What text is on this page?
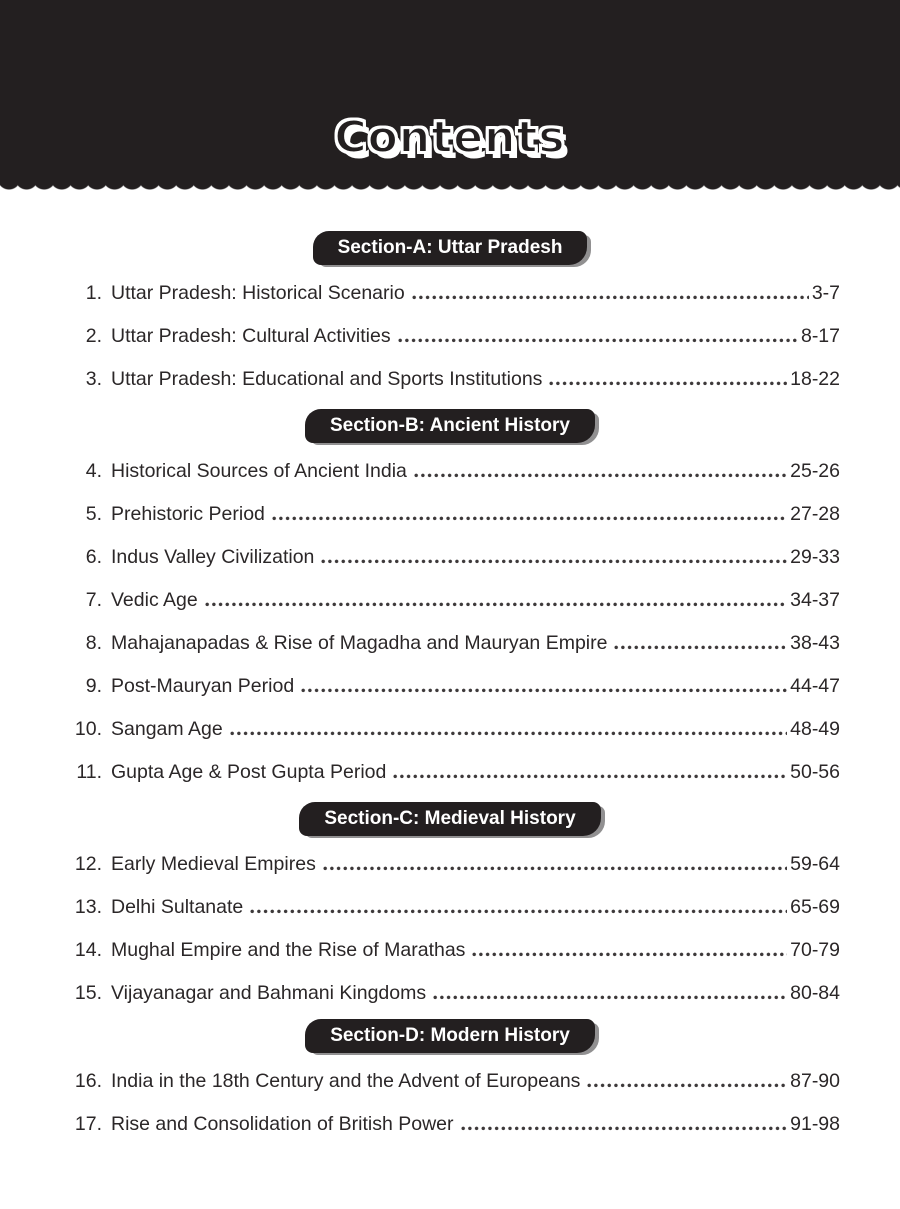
Contents
Section-A: Uttar Pradesh
1. Uttar Pradesh: Historical Scenario	3-7
2. Uttar Pradesh: Cultural Activities	8-17
3. Uttar Pradesh: Educational and Sports Institutions	18-22
Section-B: Ancient History
4. Historical Sources of Ancient India	25-26
5. Prehistoric Period	27-28
6. Indus Valley Civilization	29-33
7. Vedic Age	34-37
8. Mahajanapadas & Rise of Magadha and Mauryan Empire	38-43
9. Post-Mauryan Period	44-47
10. Sangam Age	48-49
11. Gupta Age & Post Gupta Period	50-56
Section-C: Medieval History
12. Early Medieval Empires	59-64
13. Delhi Sultanate	65-69
14. Mughal Empire and the Rise of Marathas	70-79
15. Vijayanagar and Bahmani Kingdoms	80-84
Section-D: Modern History
16. India in the 18th Century and the Advent of Europeans	87-90
17. Rise and Consolidation of British Power	91-98
